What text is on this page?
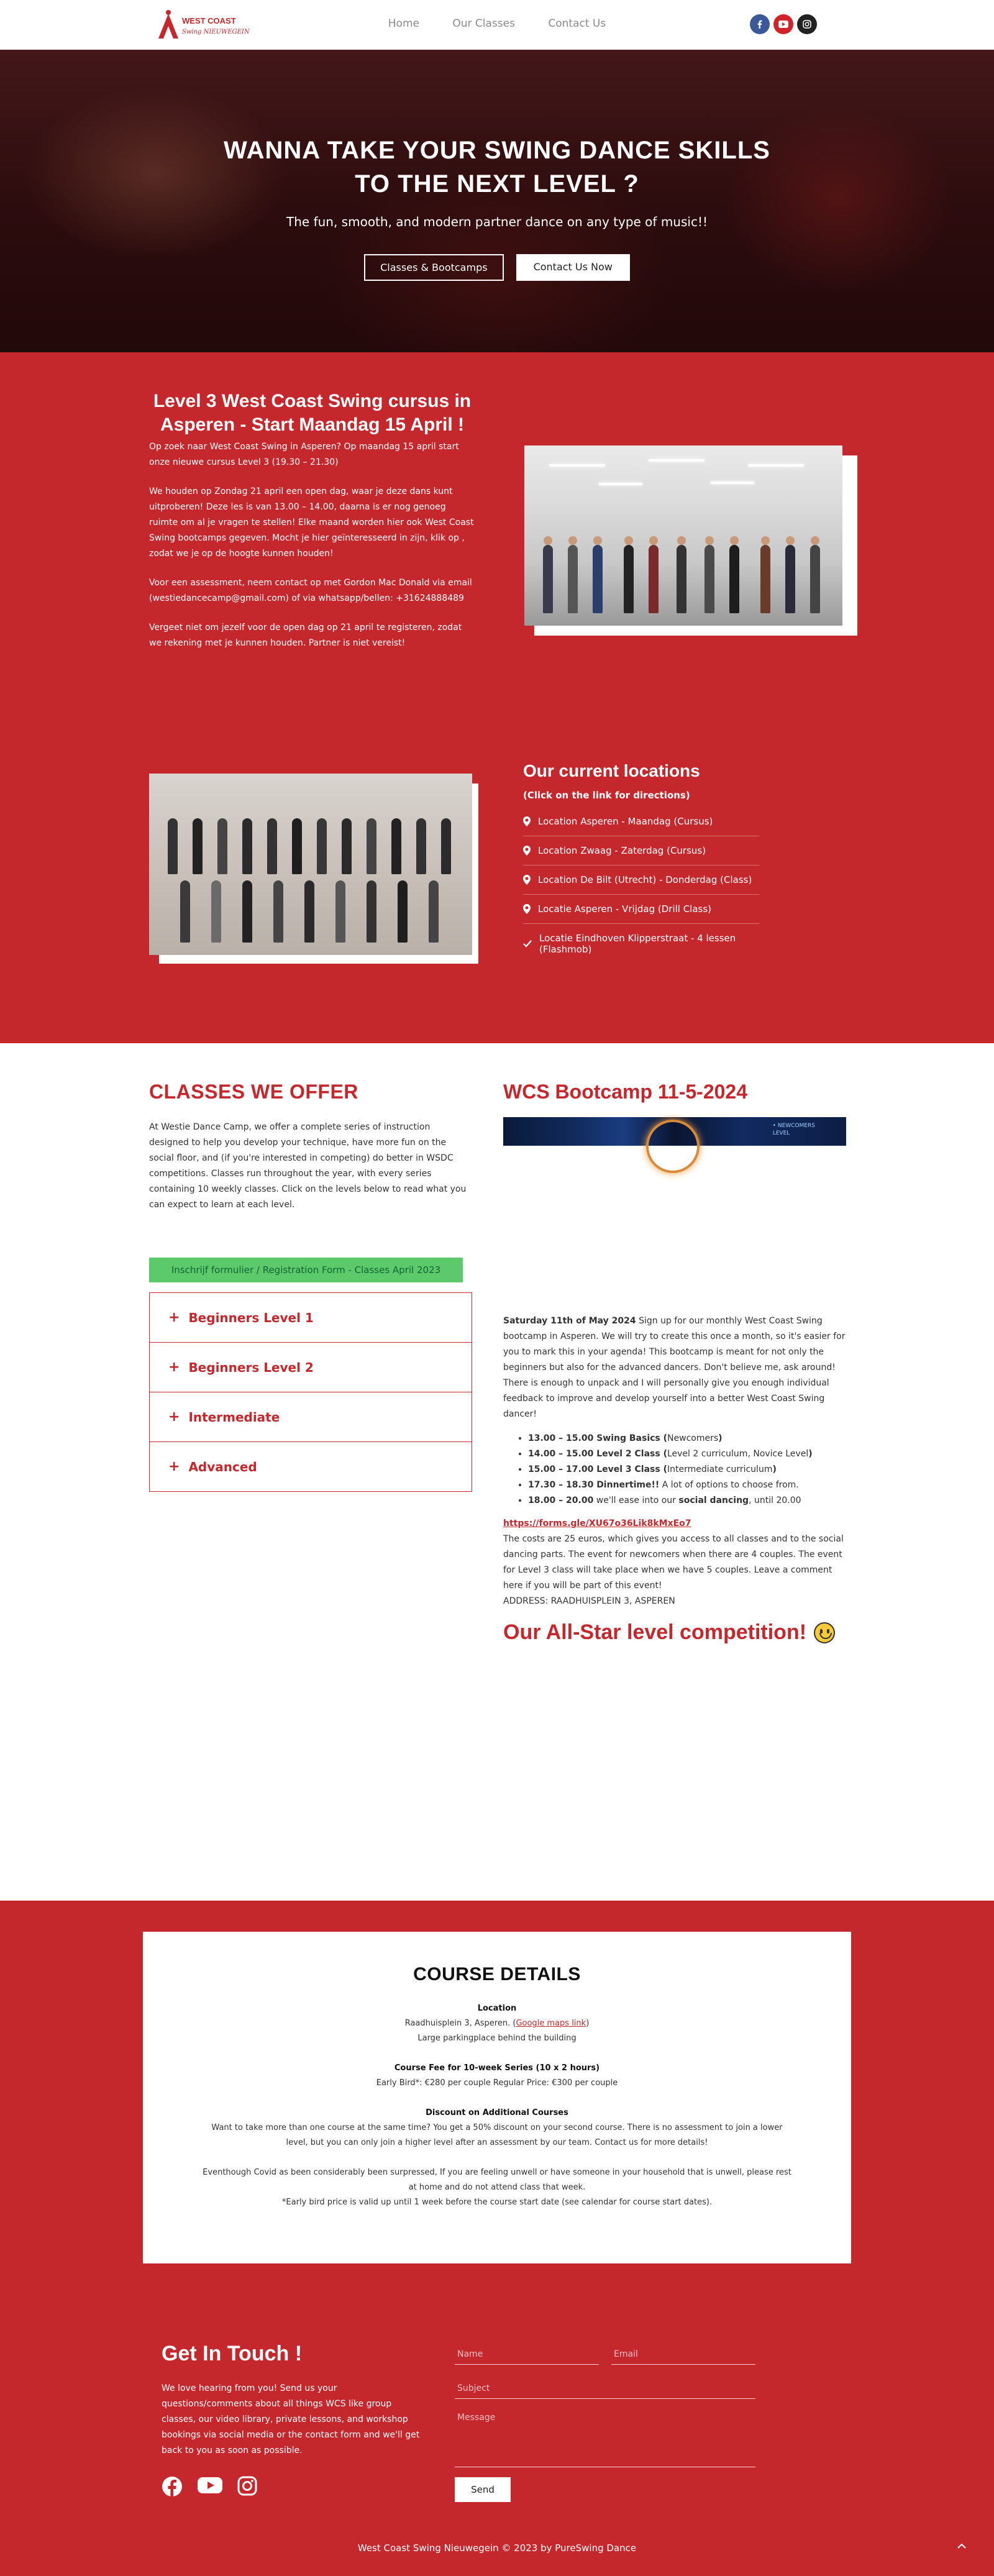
WEST COAST
Swing NIEUWEGEIN
Home	Our Classes	Contact Us
WANNA TAKE YOUR SWING DANCE SKILLS
TO THE NEXT LEVEL ?

The fun, smooth, and modern partner dance on any type of music!!

Classes & Bootcamps	Contact Us Now
Level 3 West Coast Swing cursus in Asperen - Start Maandag 15 April !

Op zoek naar West Coast Swing in Asperen? Op maandag 15 april start onze nieuwe cursus Level 3 (19.30 – 21.30)

We houden op Zondag 21 april een open dag, waar je deze dans kunt uitproberen! Deze les is van 13.00 – 14.00, daarna is er nog genoeg ruimte om al je vragen te stellen! Elke maand worden hier ook West Coast Swing bootcamps gegeven. Mocht je hier geïnteresseerd in zijn, klik op , zodat we je op de hoogte kunnen houden!

Voor een assessment, neem contact op met Gordon Mac Donald via email (westiedancecamp@gmail.com) of via whatsapp/bellen: +31624888489

Vergeet niet om jezelf voor de open dag op 21 april te registeren, zodat we rekening met je kunnen houden. Partner is niet vereist!

Our current locations
(Click on the link for directions)
Location Asperen - Maandag (Cursus)
Location Zwaag - Zaterdag (Cursus)
Location De Bilt (Utrecht) - Donderdag (Class)
Locatie Asperen - Vrijdag (Drill Class)
Locatie Eindhoven Klipperstraat - 4 lessen (Flashmob)
CLASSES WE OFFER

At Westie Dance Camp, we offer a complete series of instruction designed to help you develop your technique, have more fun on the social floor, and (if you're interested in competing) do better in WSDC competitions. Classes run throughout the year, with every series containing 10 weekly classes. Click on the levels below to read what you can expect to learn at each level.

Inschrijf formulier / Registration Form - Classes April 2023
+ Beginners Level 1
+ Beginners Level 2
+ Intermediate
+ Advanced
WCS Bootcamp 11-5-2024
• NEWCOMERS
LEVEL

Saturday 11th of May 2024 Sign up for our monthly West Coast Swing bootcamp in Asperen. We will try to create this once a month, so it's easier for you to mark this in your agenda! This bootcamp is meant for not only the beginners but also for the advanced dancers. Don't believe me, ask around! There is enough to unpack and I will personally give you enough individual feedback to improve and develop yourself into a better West Coast Swing dancer!

• 13.00 – 15.00 Swing Basics (Newcomers)
• 14.00 – 15.00 Level 2 Class (Level 2 curriculum, Novice Level)
• 15.00 – 17.00 Level 3 Class (Intermediate curriculum)
• 17.30 – 18.30 Dinnertime!! A lot of options to choose from.
• 18.00 – 20.00 we'll ease into our social dancing, until 20.00
https://forms.gle/XU67o36Lik8kMxEo7

The costs are 25 euros, which gives you access to all classes and to the social dancing parts. The event for newcomers when there are 4 couples. The event for Level 3 class will take place when we have 5 couples. Leave a comment here if you will be part of this event!

ADDRESS: RAADHUISPLEIN 3, ASPEREN

Our All-Star level competition!
COURSE DETAILS
Location
Raadhuisplein 3, Asperen. (Google maps link)
Large parkingplace behind the building
Course Fee for 10-week Series (10 x 2 hours)
Early Bird*: €280 per couple Regular Price: €300 per couple
Discount on Additional Courses
Want to take more than one course at the same time? You get a 50% discount on your second course. There is no assessment to join a lower level, but you can only join a higher level after an assessment by our team. Contact us for more details!
Eventhough Covid as been considerably been surpressed, If you are feeling unwell or have someone in your household that is unwell, please rest at home and do not attend class that week.
*Early bird price is valid up until 1 week before the course start date (see calendar for course start dates).
Get In Touch !

We love hearing from you! Send us your questions/comments about all things WCS like group classes, our video library, private lessons, and workshop bookings via social media or the contact form and we'll get back to you as soon as possible.

Name	Email
Subject
Message
Send
West Coast Swing Nieuwegein © 2023 by PureSwing Dance
